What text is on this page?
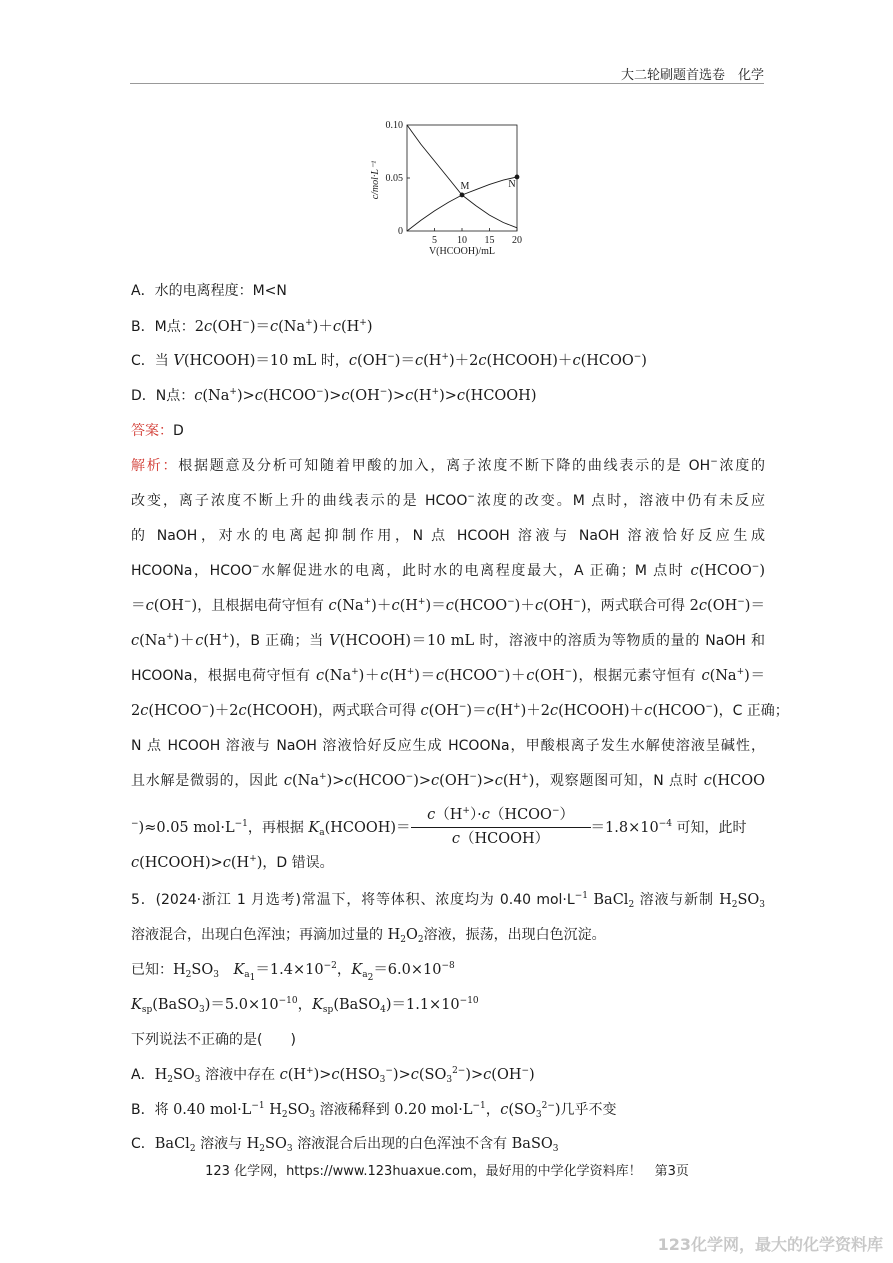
大二轮刷题首选卷　化学
0.10
0.05
0
5 10 15 20
c/mol·L⁻¹
V(HCOOH)/mL
M	N
A．水的电离程度：M<N
B．M点：2c(OH−)＝c(Na+)＋c(H+)
C．当 V(HCOOH)＝10 mL 时，c(OH−)＝c(H+)＋2c(HCOOH)＋c(HCOO−)
D．N点：c(Na+)>c(HCOO−)>c(OH−)>c(H+)>c(HCOOH)
答案：D
解析：根据题意及分析可知随着甲酸的加入，离子浓度不断下降的曲线表示的是 OH−浓度的
改变，离子浓度不断上升的曲线表示的是 HCOO−浓度的改变。M 点时，溶液中仍有未反应
的 NaOH，对水的电离起抑制作用，N 点 HCOOH 溶液与 NaOH 溶液恰好反应生成
HCOONa，HCOO−水解促进水的电离，此时水的电离程度最大，A 正确；M 点时 c(HCOO−)
＝c(OH−)，且根据电荷守恒有 c(Na+)＋c(H+)＝c(HCOO−)＋c(OH−)，两式联合可得 2c(OH−)＝
c(Na+)＋c(H+)，B 正确；当 V(HCOOH)＝10 mL 时，溶液中的溶质为等物质的量的 NaOH 和
HCOONa，根据电荷守恒有 c(Na+)＋c(H+)＝c(HCOO−)＋c(OH−)，根据元素守恒有 c(Na+)＝
2c(HCOO−)＋2c(HCOOH)，两式联合可得 c(OH−)＝c(H+)＋2c(HCOOH)＋c(HCOO−)，C 正确；
N 点 HCOOH 溶液与 NaOH 溶液恰好反应生成 HCOONa，甲酸根离子发生水解使溶液呈碱性，
且水解是微弱的，因此 c(Na+)>c(HCOO−)>c(OH−)>c(H+)，观察题图可知，N 点时 c(HCOO
−)≈0.05 $mol\cdot L^{-1}$，再根据 $K_a(HCOOH)= \frac{c(H^+)\cdot c(HCOO^-)}{\text{c（HCOOH）}} =1.8\times 10^{-4}$ 可知，此时
c(HCOOH)>c(H+)，D 错误。
5．(2024·浙江 1 月选考)常温下，将等体积、浓度均为 0.40 $mol\cdot L^{-1}$ BaCl$_2$ 溶液与新制 $H_2SO_3$
溶液混合，出现白色浑浊；再滴加过量的 $H_2O_2$溶液，振荡，出现白色沉淀。
已知：$H_2SO_3$　 $K_{a_1}=1.4\times 10^{-2}$，$K_{a_2}=6.0\times 10^{-8}$
$K_{sp}(BaSO_3)=5.0\times 10^{-10}$，$K_{sp}(BaSO_4)=1.1\times 10^{-10}$
下列说法不正确的是(　　)
A．$H_2SO_3$ 溶液中存在 $c(H^+)>c(HSO_3^-)>c(SO_3^{2-})>c(OH^-)$
B．将 0.40 $mol\cdot L^{-1}$ $H_2SO_3$ 溶液稀释到 0.20 $mol\cdot L^{-1}$，$c(SO_3^{2-})$几乎不变
C．BaCl$_2$ 溶液与 $H_2SO_3$ 溶液混合后出现的白色浑浊不含有 BaSO$_3$
123 化学网，https://www.123huaxue.com，最好用的中学化学资料库！　第3页
123化学网，最大的化学资料库
